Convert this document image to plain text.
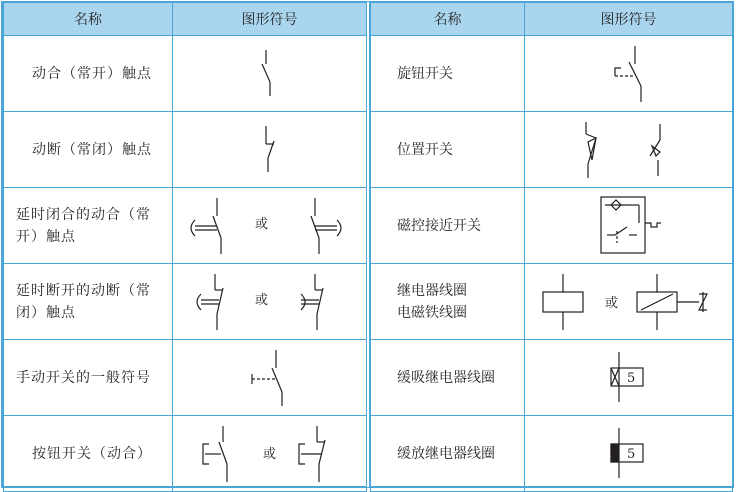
名称	图形符号
动合（常开）触点	

动断（常闭）触点	

延时闭合的动合（常开）触点	或

延时断开的动断（常闭）触点	或

手动开关的一般符号	

按钮开关（动合）	或
名称	图形符号
旋钮开关	

位置开关	

磁控接近开关	

继电器线圈
电磁铁线圈	或

缓吸继电器线圈	5

缓放继电器线圈	5
